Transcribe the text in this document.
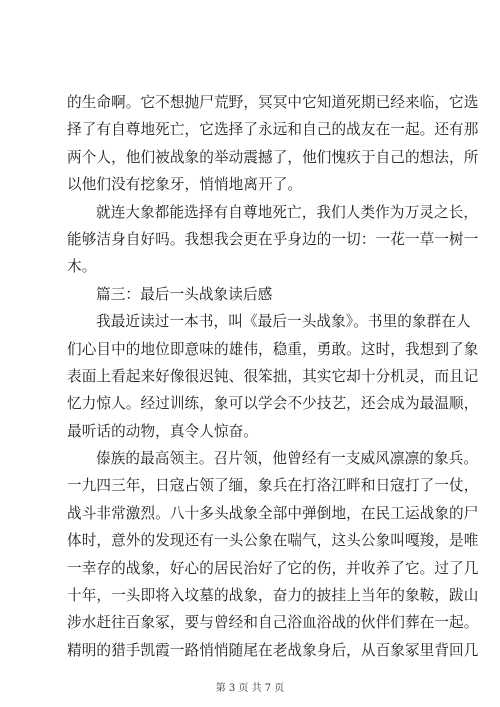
的生命啊。它不想抛尸荒野，冥冥中它知道死期已经来临，它选
择了有自尊地死亡，它选择了永远和自己的战友在一起。还有那
两个人，他们被战象的举动震撼了，他们愧疚于自己的想法，所
以他们没有挖象牙，悄悄地离开了。
就连大象都能选择有自尊地死亡，我们人类作为万灵之长，
能够洁身自好吗。我想我会更在乎身边的一切：一花一草一树一
木。
篇三：最后一头战象读后感
我最近读过一本书，叫《最后一头战象》。书里的象群在人
们心目中的地位即意味的雄伟，稳重，勇敢。这时，我想到了象
表面上看起来好像很迟钝、很笨拙，其实它却十分机灵，而且记
忆力惊人。经过训练，象可以学会不少技艺，还会成为最温顺，
最听话的动物，真令人惊奋。
傣族的最高领主。召片领，他曾经有一支威风凛凛的象兵。
一九四三年，日寇占领了缅，象兵在打洛江畔和日寇打了一仗，
战斗非常激烈。八十多头战象全部中弹倒地，在民工运战象的尸
体时，意外的发现还有一头公象在喘气，这头公象叫嘎羧，是唯
一幸存的战象，好心的居民治好了它的伤，并收养了它。过了几
十年，一头即将入坟墓的战象，奋力的披挂上当年的象鞍，跋山
涉水赶往百象冢，要与曾经和自己浴血浴战的伙伴们葬在一起。
精明的猎手凯霞一路悄悄随尾在老战象身后，从百象冢里背回几
第 3 页 共 7 页
